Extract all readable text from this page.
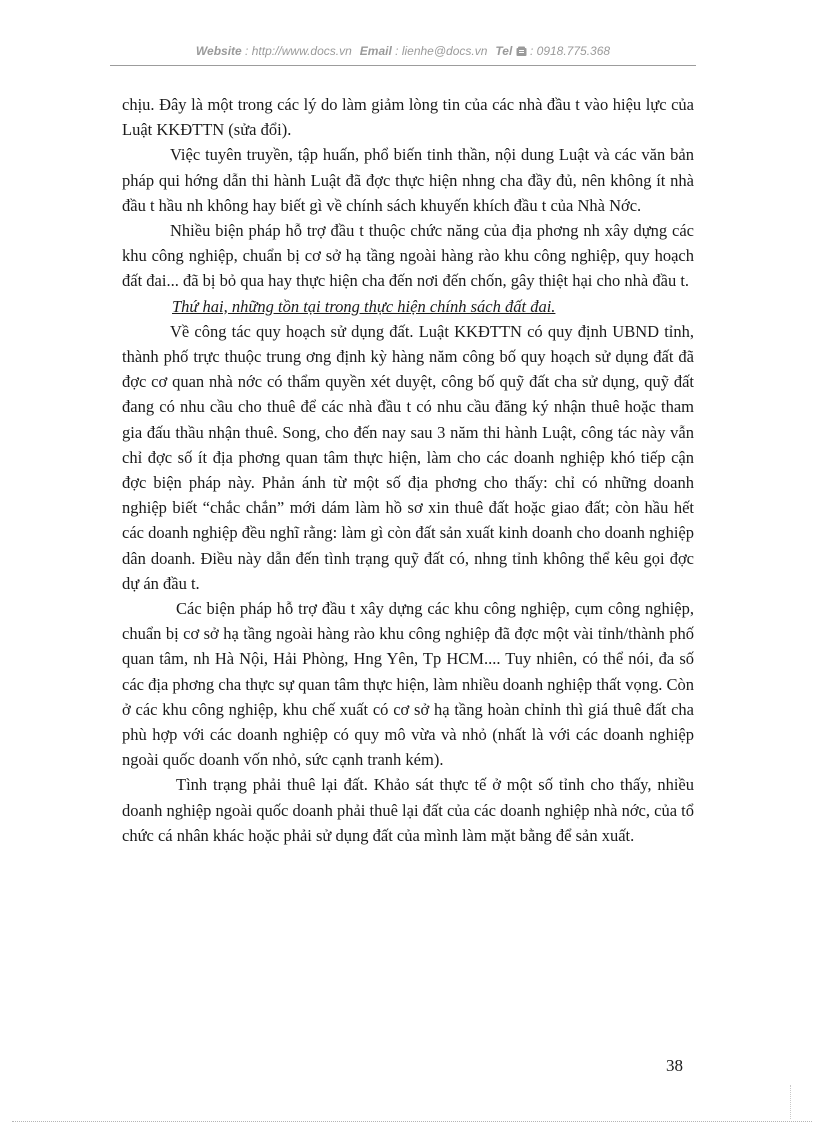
Website : http://www.docs.vn Email : lienhe@docs.vn Tel  : 0918.775.368

chịu. Đây là một trong các lý do làm giảm lòng tin của các nhà đầu t vào hiệu lực của Luật KKĐTTN (sửa đổi).

Việc tuyên truyền, tập huấn, phổ biến tinh thần, nội dung Luật và các văn bản pháp qui hớng dẫn thi hành Luật đã đợc thực hiện nhng cha đầy đủ, nên không ít nhà đầu t hầu nh không hay biết gì về chính sách khuyến khích đầu t của Nhà Nớc.

Nhiều biện pháp hỗ trợ đầu t thuộc chức năng của địa phơng nh xây dựng các khu công nghiệp, chuẩn bị cơ sở hạ tầng ngoài hàng rào khu công nghiệp, quy hoạch đất đai... đã bị bỏ qua hay thực hiện cha đến nơi đến chốn, gây thiệt hại cho nhà đầu t.

Thứ hai, những tồn tại trong thực hiện chính sách đất đai.

Về công tác quy hoạch sử dụng đất. Luật KKĐTTN có quy định UBND tỉnh, thành phố trực thuộc trung ơng định kỳ hàng năm công bố quy hoạch sử dụng đất đã đợc cơ quan nhà nớc có thẩm quyền xét duyệt, công bố quỹ đất cha sử dụng, quỹ đất đang có nhu cầu cho thuê để các nhà đầu t có nhu cầu đăng ký nhận thuê hoặc tham gia đấu thầu nhận thuê. Song, cho đến nay sau 3 năm thi hành Luật, công tác này vẫn chỉ đợc số ít địa phơng quan tâm thực hiện, làm cho các doanh nghiệp khó tiếp cận đợc biện pháp này. Phản ánh từ một số địa phơng cho thấy: chỉ có những doanh nghiệp biết “chắc chắn” mới dám làm hồ sơ xin thuê đất hoặc giao đất; còn hầu hết các doanh nghiệp đều nghĩ rằng: làm gì còn đất sản xuất kinh doanh cho doanh nghiệp dân doanh. Điều này dẫn đến tình trạng quỹ đất có, nhng tỉnh không thể kêu gọi đợc dự án đầu t.

Các biện pháp hỗ trợ đầu t xây dựng các khu công nghiệp, cụm công nghiệp, chuẩn bị cơ sở hạ tầng ngoài hàng rào khu công nghiệp đã đợc một vài tỉnh/thành phố quan tâm, nh Hà Nội, Hải Phòng, Hng Yên, Tp HCM.... Tuy nhiên, có thể nói, đa số các địa phơng cha thực sự quan tâm thực hiện, làm nhiều doanh nghiệp thất vọng. Còn ở các khu công nghiệp, khu chế xuất có cơ sở hạ tầng hoàn chỉnh thì giá thuê đất cha phù hợp với các doanh nghiệp có quy mô vừa và nhỏ (nhất là với các doanh nghiệp ngoài quốc doanh vốn nhỏ, sức cạnh tranh kém).

Tình trạng phải thuê lại đất. Khảo sát thực tế ở một số tỉnh cho thấy, nhiều doanh nghiệp ngoài quốc doanh phải thuê lại đất của các doanh nghiệp nhà nớc, của tổ chức cá nhân khác hoặc phải sử dụng đất của mình làm mặt bằng để sản xuất.

38
